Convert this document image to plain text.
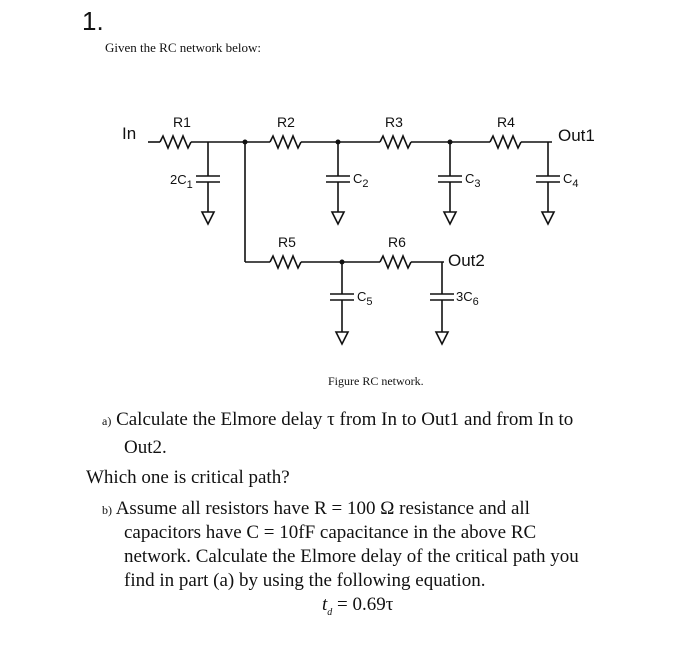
1.
Given the RC network below:
In	Out1
Out2
R1	R2	R3	R4
R5	R6
$2C_1$	$C_2$	$C_3$	$C_4$
$C_5$	$3C_6$
Figure RC network.
a) Calculate the Elmore delay τ from In to Out1 and from In to
Out2.
Which one is critical path?
b) Assume all resistors have R = 100 Ω resistance and all
capacitors have C = 10fF capacitance in the above RC
network. Calculate the Elmore delay of the critical path you
find in part (a) by using the following equation.
$t_d = 0.69\tau$
